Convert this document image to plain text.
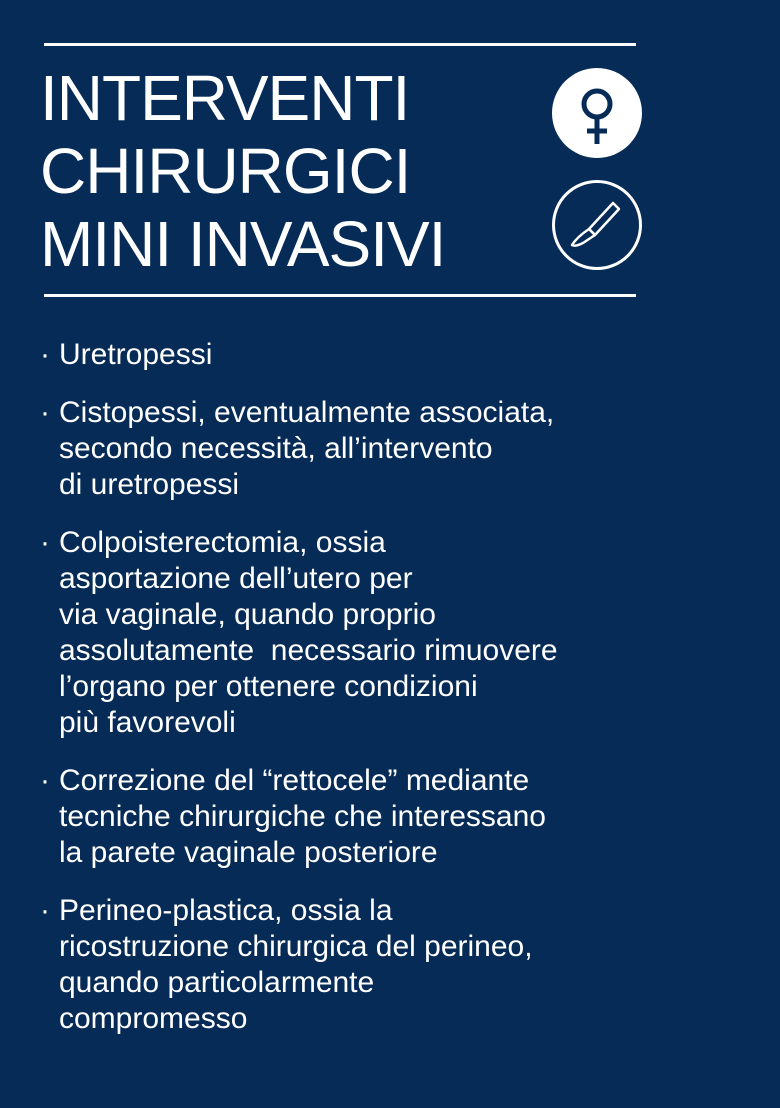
INTERVENTI
CHIRURGICI
MINI INVASIVI
· Uretropessi
· Cistopessi, eventualmente associata,
secondo necessità, all’intervento
di uretropessi
· Colpoisterectomia, ossia
asportazione dell’utero per
via vaginale, quando proprio
assolutamente  necessario rimuovere
l’organo per ottenere condizioni
più favorevoli
· Correzione del “rettocele” mediante
tecniche chirurgiche che interessano
la parete vaginale posteriore
· Perineo-plastica, ossia la
ricostruzione chirurgica del perineo,
quando particolarmente
compromesso
